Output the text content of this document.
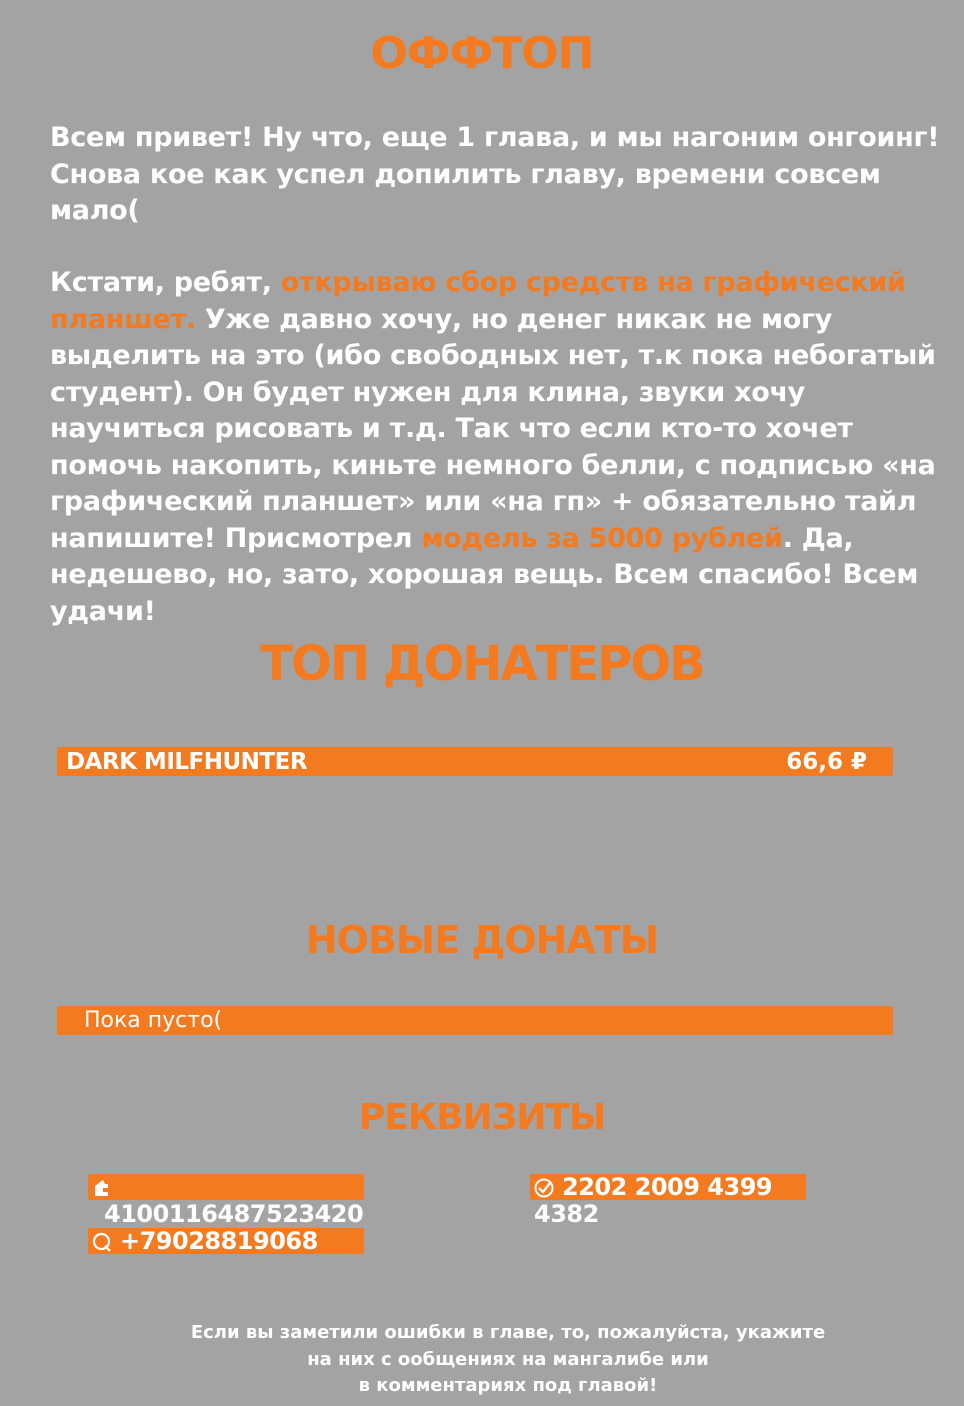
ОФФТОП
Всем привет! Ну что, еще 1 глава, и мы нагоним онгоинг! Снова кое как успел допилить главу, времени совсем мало(
Кстати, ребят, открываю сбор средств на графический планшет. Уже давно хочу, но денег никак не могу выделить на это (ибо свободных нет, т.к пока небогатый студент). Он будет нужен для клина, звуки хочу научиться рисовать и т.д. Так что если кто-то хочет помочь накопить, киньте немного белли, с подписью «на графический планшет» или «на гп» + обязательно тайл напишите! Присмотрел модель за 5000 рублей. Да, недешево, но, зато, хорошая вещь. Всем спасибо! Всем удачи!
ТОП ДОНАТЕРОВ
DARK MILFHUNTER	66,6 ₽
НОВЫЕ ДОНАТЫ
Пока пусто(
РЕКВИЗИТЫ
4100116487523420
2202 2009 4399 4382
+79028819068
Если вы заметили ошибки в главе, то, пожалуйста, укажите
на них с ообщениях на мангалибе или
в комментариях под главой!
